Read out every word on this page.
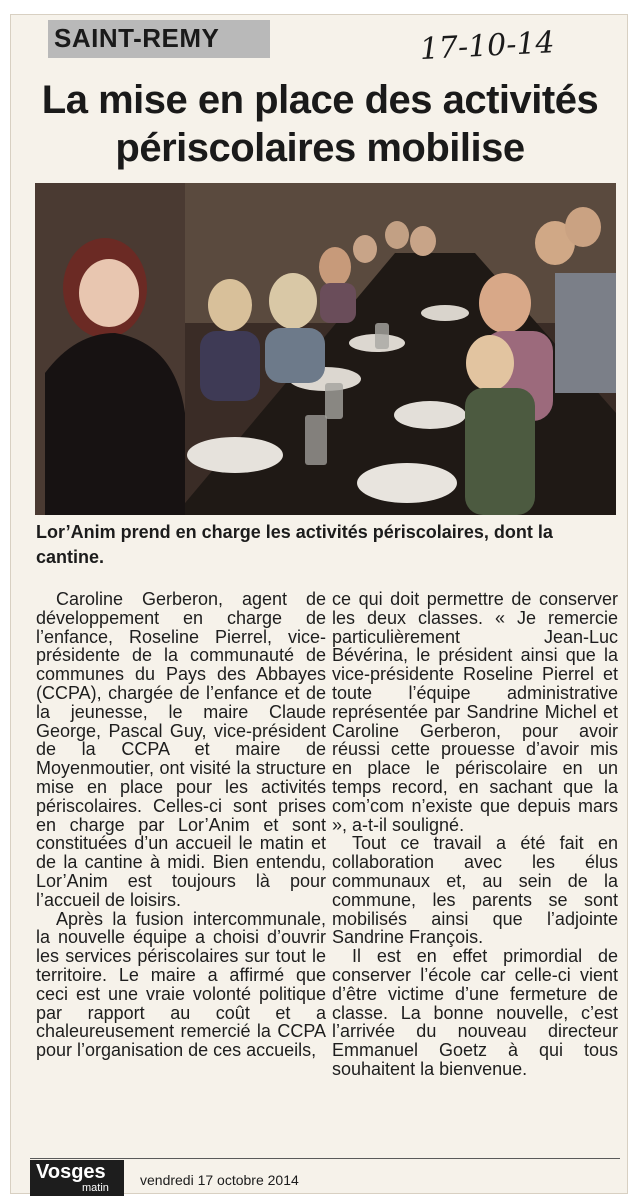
SAINT-REMY	17-10-14
La mise en place des activités
périscolaires mobilise
Lor’Anim prend en charge les activités périscolaires, dont la cantine.

Caroline Gerberon, agent de développement en charge de l’enfance, Roseline Pierrel, vice-présidente de la communauté de communes du Pays des Abbayes (CCPA), chargée de l’enfance et de la jeunesse, le maire Claude George, Pascal Guy, vice-président de la CCPA et maire de Moyenmoutier, ont visité la structure mise en place pour les activités périscolaires. Celles-ci sont prises en charge par Lor’Anim et sont constituées d’un accueil le matin et de la cantine à midi. Bien entendu, Lor’Anim est toujours là pour l’accueil de loisirs.

Après la fusion intercommunale, la nouvelle équipe a choisi d’ouvrir les services périscolaires sur tout le territoire. Le maire a affirmé que ceci est une vraie volonté politique par rapport au coût et a chaleureusement remercié la CCPA pour l’organisation de ces accueils,

ce qui doit permettre de conserver les deux classes. « Je remercie particulièrement Jean-Luc Bévérina, le président ainsi que la vice-présidente Roseline Pierrel et toute l’équipe administrative représentée par Sandrine Michel et Caroline Gerberon, pour avoir réussi cette prouesse d’avoir mis en place le périscolaire en un temps record, en sachant que la com’com n’existe que depuis mars », a-t-il souligné.

Tout ce travail a été fait en collaboration avec les élus communaux et, au sein de la commune, les parents se sont mobilisés ainsi que l’adjointe Sandrine François.

Il est en effet primordial de conserver l’école car celle-ci vient d’être victime d’une fermeture de classe. La bonne nouvelle, c’est l’arrivée du nouveau directeur Emmanuel Goetz à qui tous souhaitent la bienvenue.

Vosges
matin vendredi 17 octobre 2014
